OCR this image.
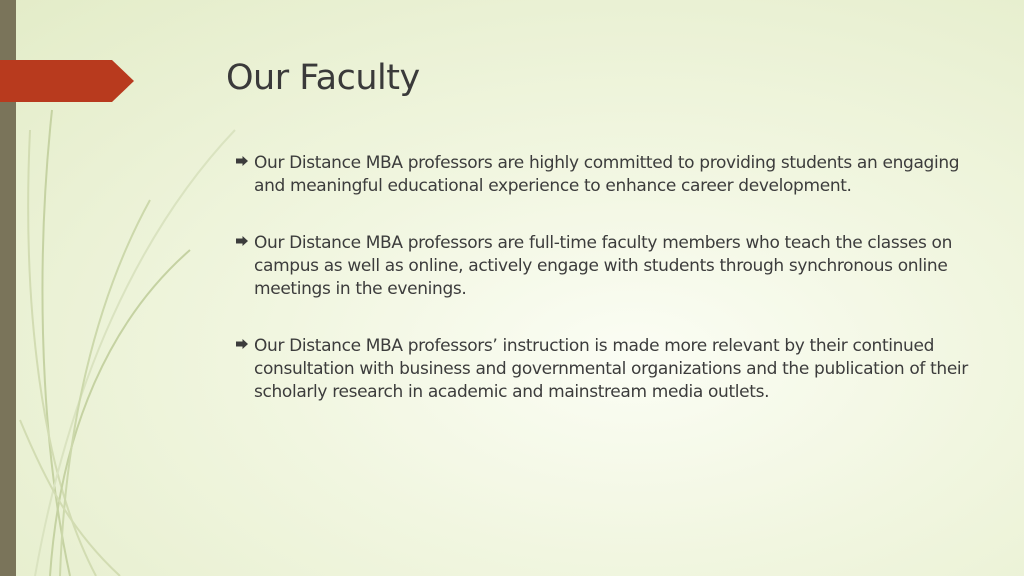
Our Faculty
Our Distance MBA professors are highly committed to providing students an engaging and meaningful educational experience to enhance career development.
Our Distance MBA professors are full-time faculty members who teach the classes on campus as well as online, actively engage with students through synchronous online meetings in the evenings.
Our Distance MBA professors’ instruction is made more relevant by their continued consultation with business and governmental organizations and the publication of their scholarly research in academic and mainstream media outlets.
